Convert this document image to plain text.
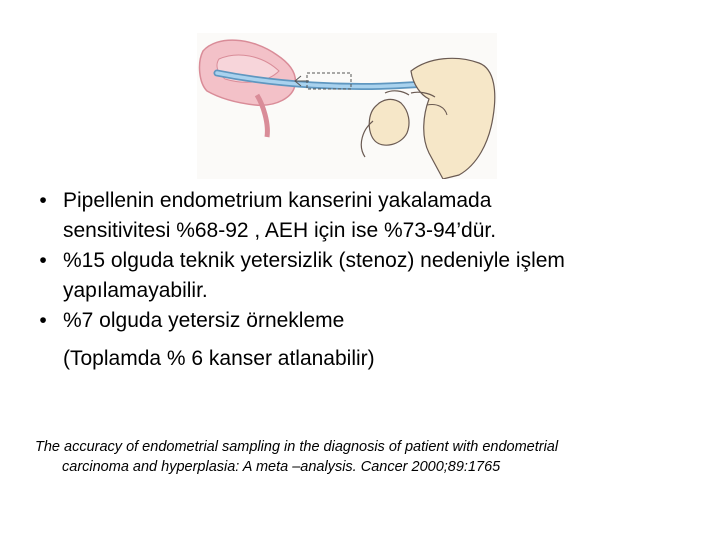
• Pipellenin endometrium kanserini yakalamada
sensitivitesi %68-92 , AEH için ise %73-94’dür.
• %15 olguda teknik yetersizlik (stenoz) nedeniyle işlem
yapılamayabilir.
• %7 olguda yetersiz örnekleme
(Toplamda % 6 kanser atlanabilir)
The accuracy of endometrial sampling in the diagnosis of patient with endometrial
carcinoma and hyperplasia: A meta –analysis. Cancer 2000;89:1765
